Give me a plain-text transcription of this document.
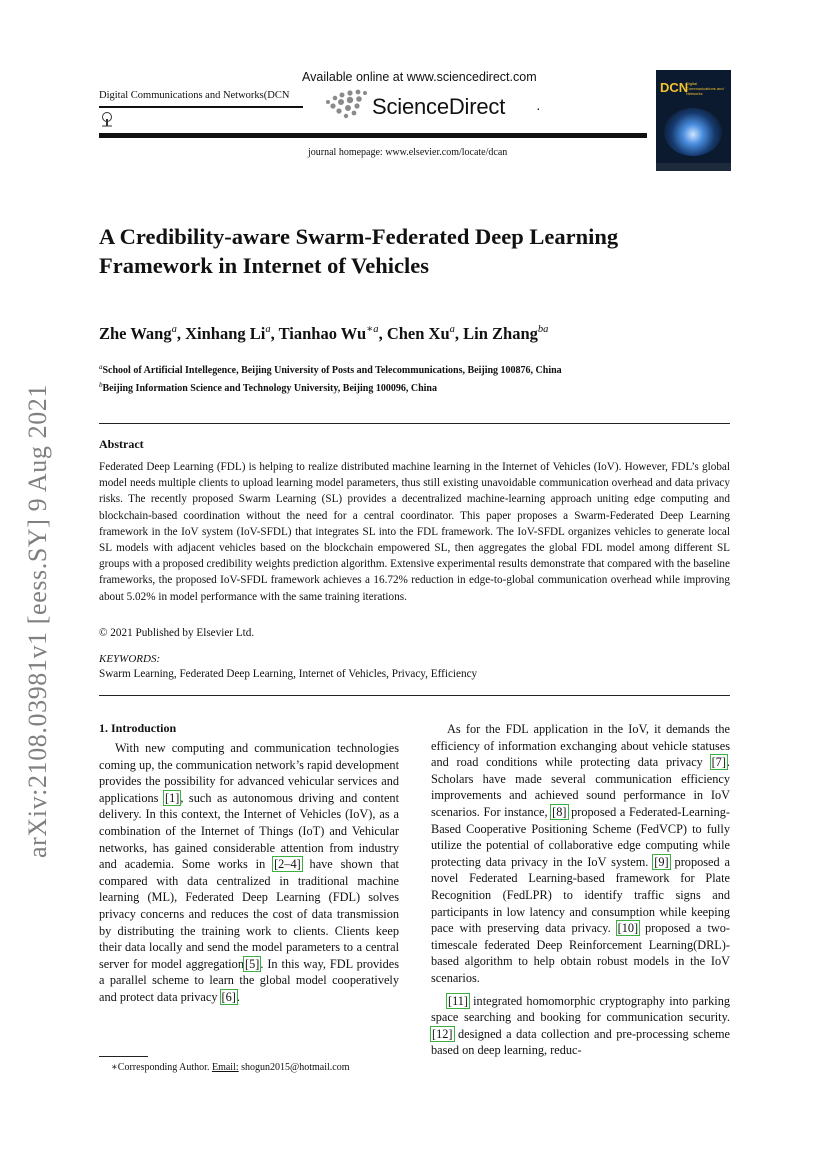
Digital Communications and Networks(DCN
Available online at www.sciencedirect.com
ScienceDirect ·
journal homepage: www.elsevier.com/locate/dcan
DCN
Digital Communications and Networks
arXiv:2108.03981v1 [eess.SY] 9 Aug 2021
A Credibility-aware Swarm-Federated Deep Learning Framework in Internet of Vehicles
Zhe Wang$^a$, Xinhang Li$^a$, Tianhao $Wu^{∗a}$, Chen Xu$^a$, Lin Zhang$^{ba}$
$^a$School of Artificial Intellegence, Beijing University of Posts and Telecommunications, Beijing 100876, China
$^b$Beijing Information Science and Technology University, Beijing 100096, China
Abstract
Federated Deep Learning (FDL) is helping to realize distributed machine learning in the Internet of Vehicles (IoV). However, FDL’s global model needs multiple clients to upload learning model parameters, thus still existing unavoidable communication overhead and data privacy risks. The recently proposed Swarm Learning (SL) provides a decentralized machine-learning approach uniting edge computing and blockchain-based coordination without the need for a central coordinator. This paper proposes a Swarm-Federated Deep Learning framework in the IoV system (IoV-SFDL) that integrates SL into the FDL framework. The IoV-SFDL organizes vehicles to generate local SL models with adjacent vehicles based on the blockchain empowered SL, then aggregates the global FDL model among different SL groups with a proposed credibility weights prediction algorithm. Extensive experimental results demonstrate that compared with the baseline frameworks, the proposed IoV-SFDL framework achieves a 16.72% reduction in edge-to-global communication overhead while improving about 5.02% in model performance with the same training iterations.
© 2021 Published by Elsevier Ltd.
KEYWORDS:
Swarm Learning, Federated Deep Learning, Internet of Vehicles, Privacy, Efficiency
1. Introduction

With new computing and communication technologies coming up, the communication network’s rapid development provides the possibility for advanced vehicular services and applications [1], such as autonomous driving and content delivery. In this context, the Internet of Vehicles (IoV), as a combination of the Internet of Things (IoT) and Vehicular networks, has gained considerable attention from industry and academia. Some works in [2–4] have shown that compared with data centralized in traditional machine learning (ML), Federated Deep Learning (FDL) solves privacy concerns and reduces the cost of data transmission by distributing the training work to clients. Clients keep their data locally and send the model parameters to a central server for model aggregation[5]. In this way, FDL provides a parallel scheme to learn the global model cooperatively and protect data privacy [6].

As for the FDL application in the IoV, it demands the efficiency of information exchanging about vehicle statuses and road conditions while protecting data privacy [7]. Scholars have made several communication efficiency improvements and achieved sound performance in IoV scenarios. For instance, [8] proposed a Federated-Learning-Based Cooperative Positioning Scheme (FedVCP) to fully utilize the potential of collaborative edge computing while protecting data privacy in the IoV system. [9] proposed a novel Federated Learning-based framework for Plate Recognition (FedLPR) to identify traffic signs and participants in low latency and consumption while keeping pace with preserving data privacy. [10] proposed a two-timescale federated Deep Reinforcement Learning(DRL)-based algorithm to help obtain robust models in the IoV scenarios.

[11] integrated homomorphic cryptography into parking space searching and booking for communication security. [12] designed a data collection and pre-processing scheme based on deep learning, reduc-

∗Corresponding Author. Email: shogun2015@hotmail.com
